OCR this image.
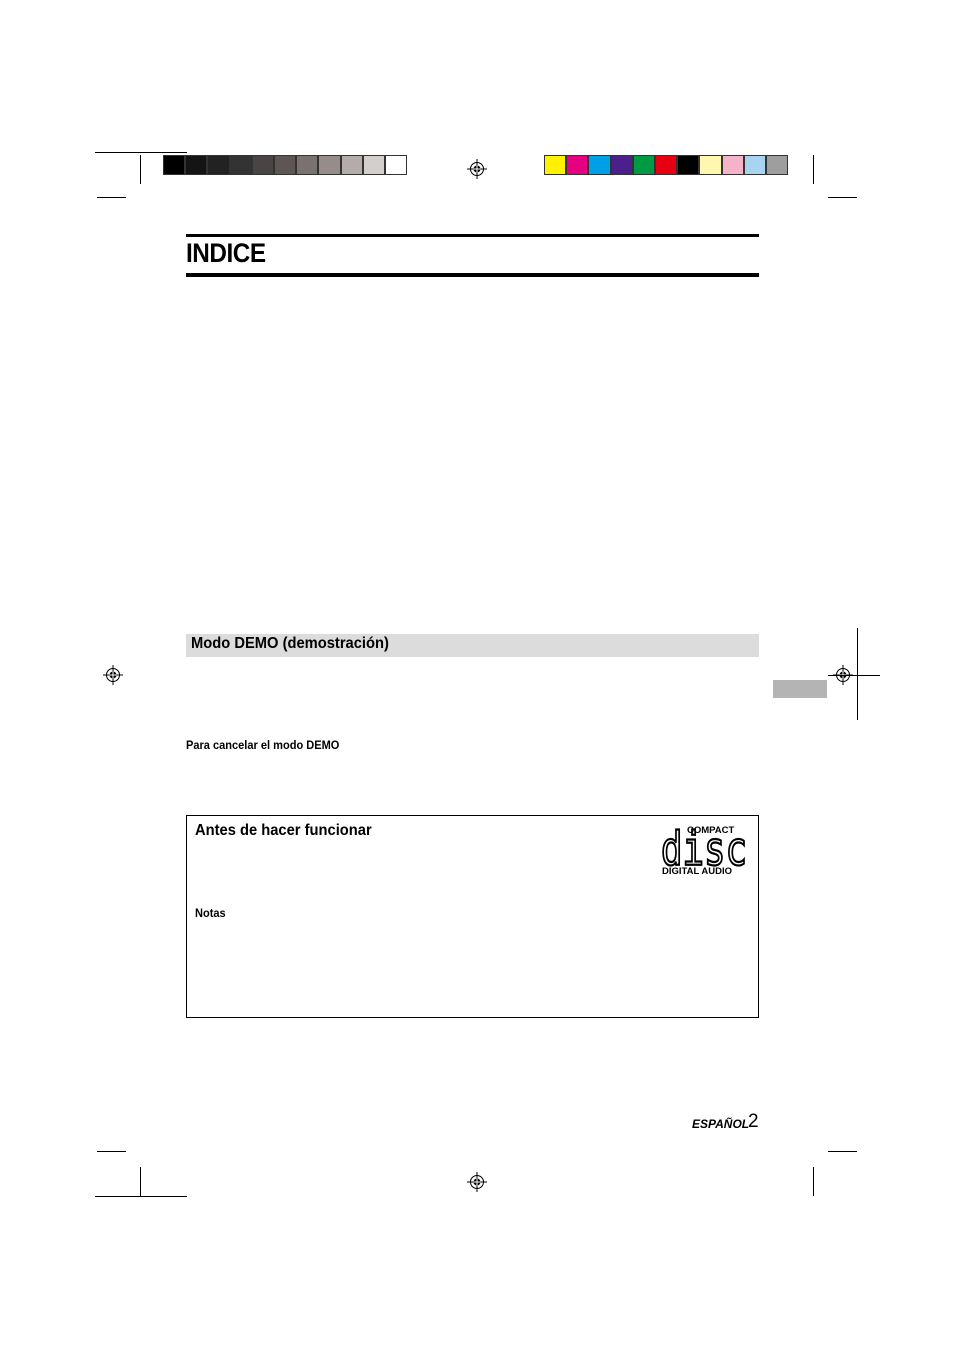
INDICE
Modo DEMO (demostración)
Para cancelar el modo DEMO
Antes de hacer funcionar
Notas
COMPACT
disc
DIGITAL AUDIO
ESPAÑOL
2
